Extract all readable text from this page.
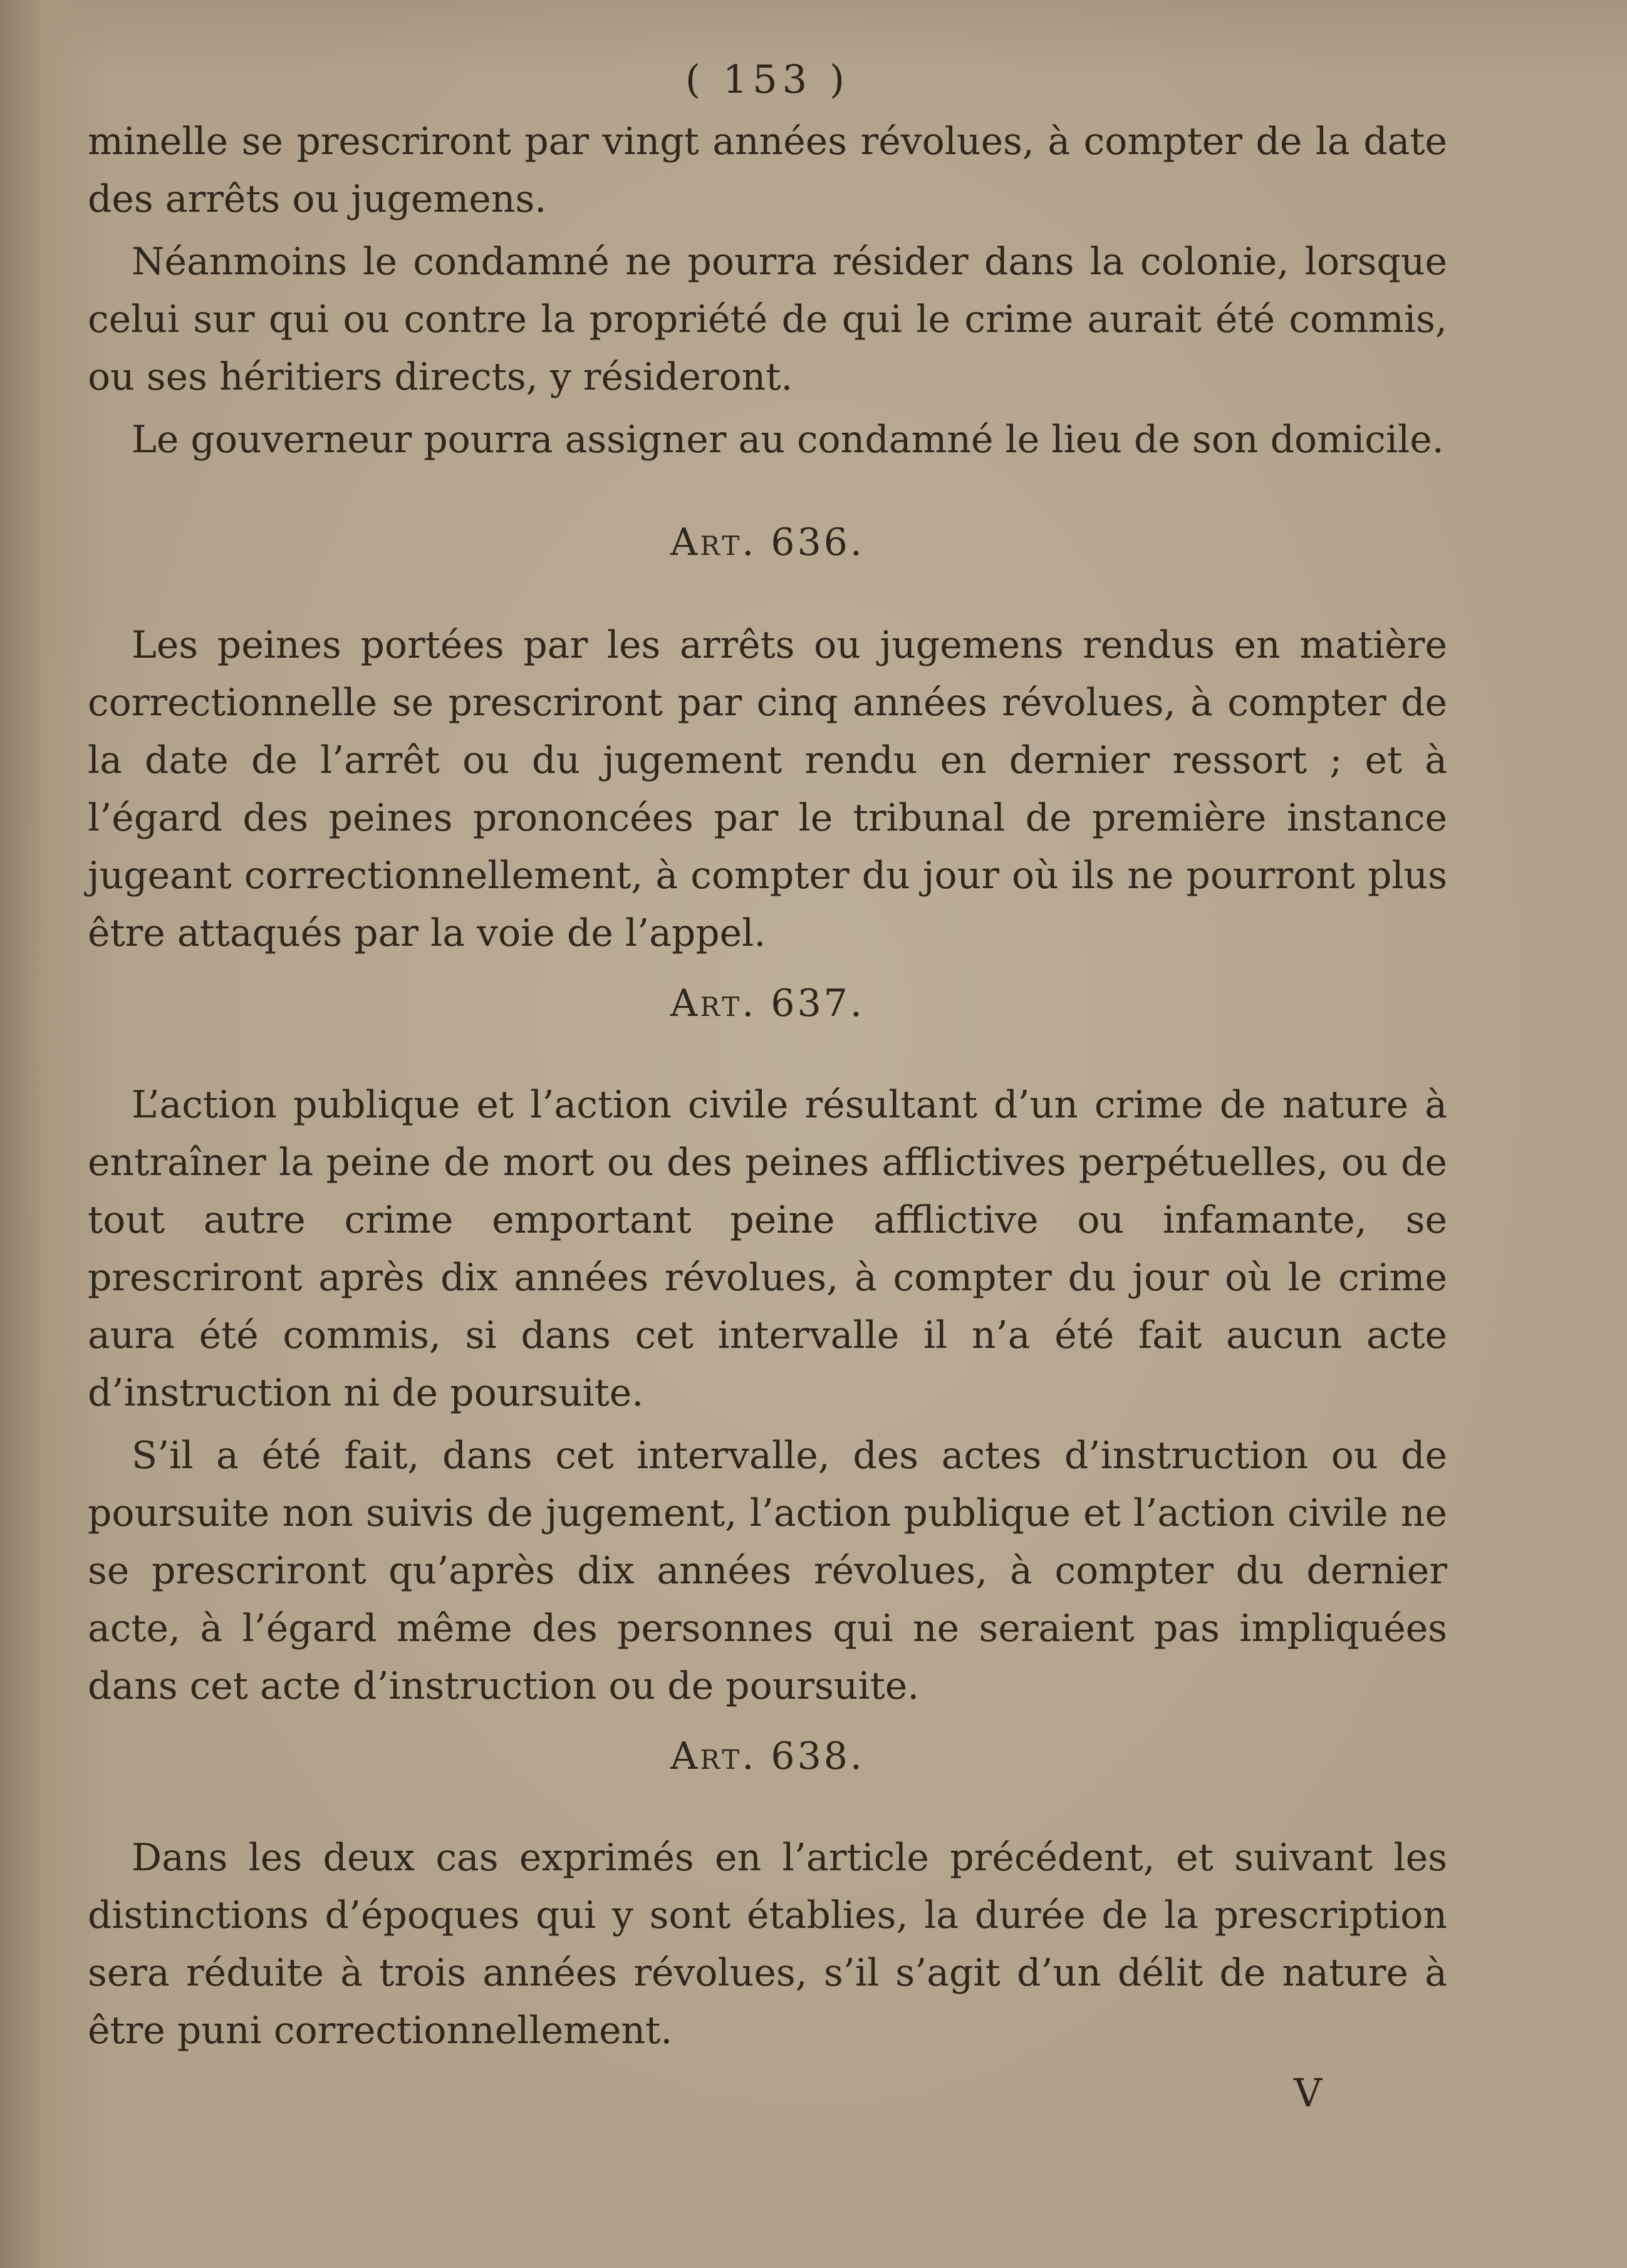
( 153 )

minelle se prescriront par vingt années révolues, à compter de la date des arrêts ou jugemens.

Néanmoins le condamné ne pourra résider dans la colonie, lorsque celui sur qui ou contre la propriété de qui le crime aurait été commis, ou ses héritiers directs, y résideront.

Le gouverneur pourra assigner au condamné le lieu de son domicile.

Art. 636.

Les peines portées par les arrêts ou jugemens rendus en matière correctionnelle se prescriront par cinq années révolues, à compter de la date de l’arrêt ou du jugement rendu en dernier ressort ; et à l’égard des peines prononcées par le tribunal de première instance jugeant correctionnellement, à compter du jour où ils ne pourront plus être attaqués par la voie de l’appel.

Art. 637.

L’action publique et l’action civile résultant d’un crime de nature à entraîner la peine de mort ou des peines afflictives perpétuelles, ou de tout autre crime emportant peine afflictive ou infamante, se prescriront après dix années révolues, à compter du jour où le crime aura été commis, si dans cet intervalle il n’a été fait aucun acte d’instruction ni de poursuite.

S’il a été fait, dans cet intervalle, des actes d’instruction ou de poursuite non suivis de jugement, l’action publique et l’action civile ne se prescriront qu’après dix années révolues, à compter du dernier acte, à l’égard même des personnes qui ne seraient pas impliquées dans cet acte d’instruction ou de poursuite.

Art. 638.

Dans les deux cas exprimés en l’article précédent, et suivant les distinctions d’époques qui y sont établies, la durée de la prescription sera réduite à trois années révolues, s’il s’agit d’un délit de nature à être puni correctionnellement.

V
